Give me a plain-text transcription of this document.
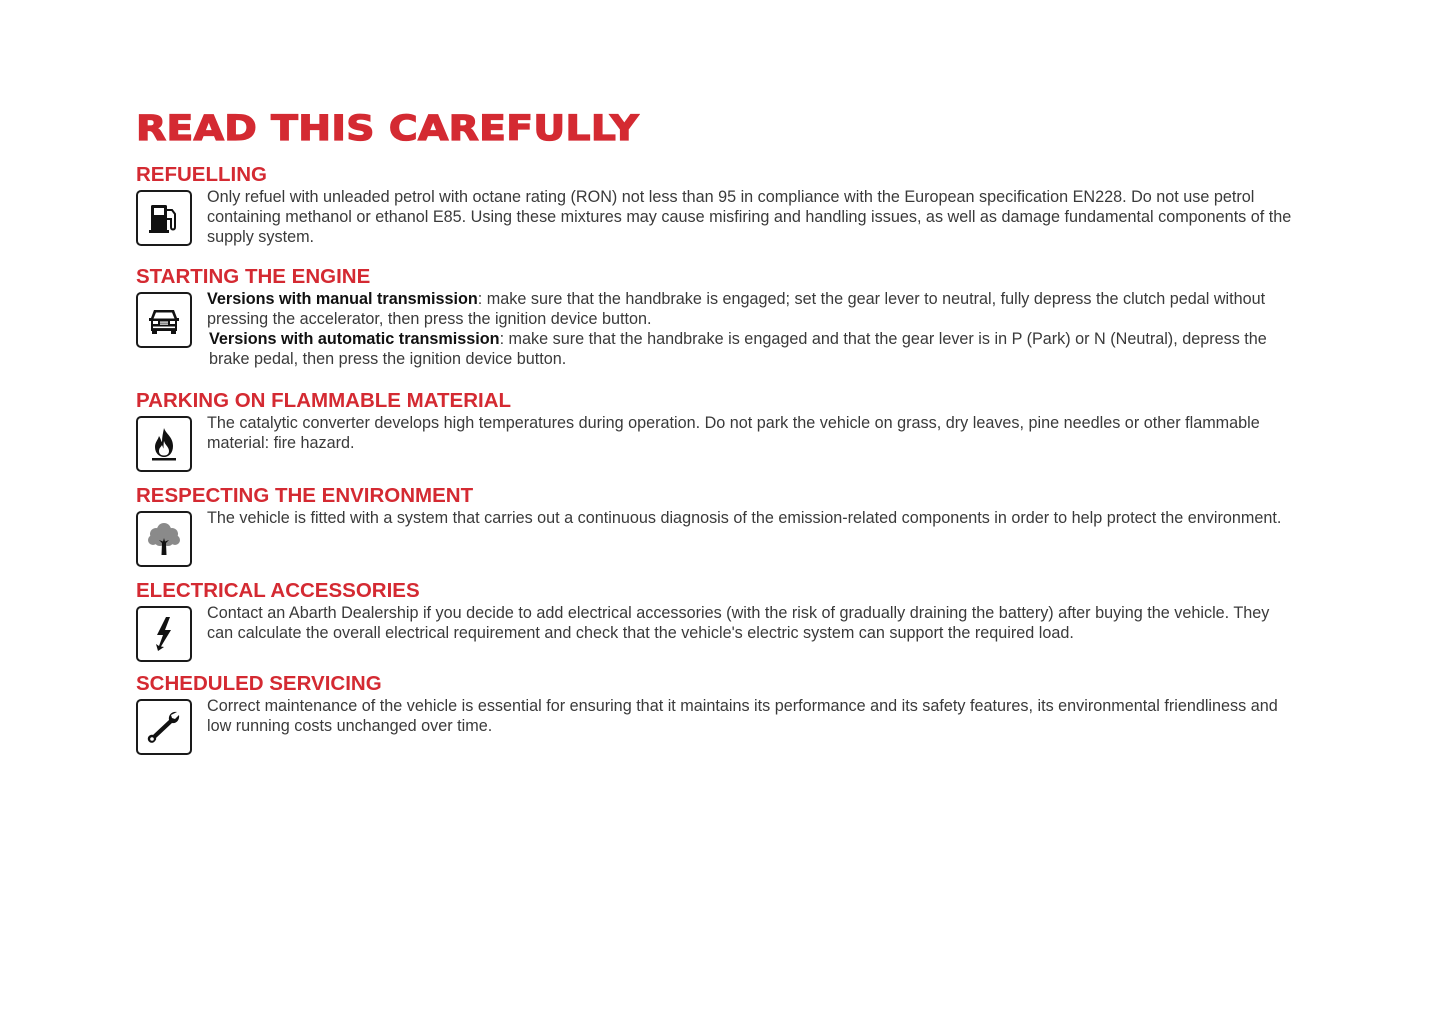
READ THIS CAREFULLY
REFUELLING

Only refuel with unleaded petrol with octane rating (RON) not less than 95 in compliance with the European specification EN228. Do not use petrol containing methanol or ethanol E85. Using these mixtures may cause misfiring and handling issues, as well as damage fundamental components of the supply system.

STARTING THE ENGINE

Versions with manual transmission: make sure that the handbrake is engaged; set the gear lever to neutral, fully depress the clutch pedal without pressing the accelerator, then press the ignition device button.

Versions with automatic transmission: make sure that the handbrake is engaged and that the gear lever is in P (Park) or N (Neutral), depress the brake pedal, then press the ignition device button.

PARKING ON FLAMMABLE MATERIAL

The catalytic converter develops high temperatures during operation. Do not park the vehicle on grass, dry leaves, pine needles or other flammable material: fire hazard.

RESPECTING THE ENVIRONMENT

The vehicle is fitted with a system that carries out a continuous diagnosis of the emission-related components in order to help protect the environment.

ELECTRICAL ACCESSORIES

Contact an Abarth Dealership if you decide to add electrical accessories (with the risk of gradually draining the battery) after buying the vehicle. They can calculate the overall electrical requirement and check that the vehicle's electric system can support the required load.

SCHEDULED SERVICING

Correct maintenance of the vehicle is essential for ensuring that it maintains its performance and its safety features, its environmental friendliness and low running costs unchanged over time.
